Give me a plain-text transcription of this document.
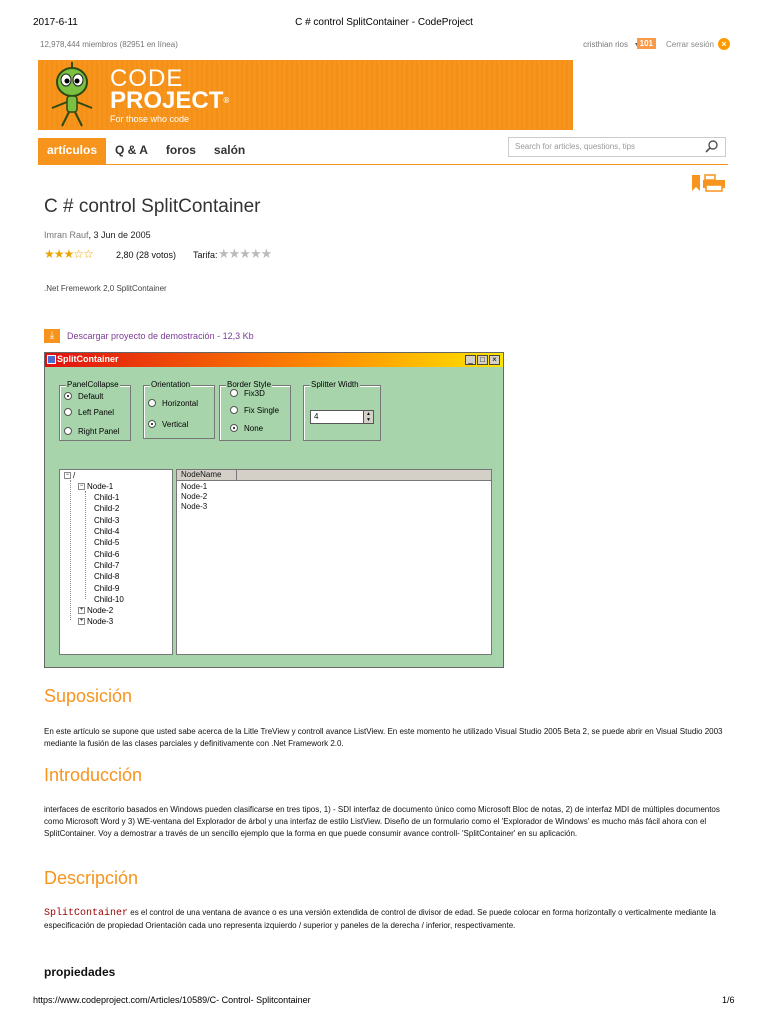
2017-6-11	C # control SplitContainer - CodeProject
12,978,444 miembros (82951 en línea)	cristhian rios	101	Cerrar sesión ×
CODE
PROJECT®
For those who code
artículos	Q & A	foros	salón	Search for articles, questions, tips
C # control SplitContainer
Imran Rauf, 3 Jun de 2005
★★★☆☆	2,80 (28 votos) Tarifa: ★★★★★
.Net Fremework 2,0 SplitContainer
⤓	Descargar proyecto de demostración - 12,3 Kb
SplitContainer	_ □ ×
PanelCollapse
Default
Left Panel
Right Panel
Orientation
Horizontal
Vertical
Border Style
Fix3D
Fix Single
None
Splitter Width
4	▲
▼
− /
− Node-1
Child-1
Child-2
Child-3
Child-4
Child-5
Child-6
Child-7
Child-8
Child-9
Child-10
+ Node-2
+ Node-3
NodeName
Node-1
Node-2
Node-3
Suposición
En este artículo se supone que usted sabe acerca de la Litle TreView y controll avance ListView. En este momento he utilizado Visual Studio 2005 Beta 2, se puede abrir en Visual Studio 2003 mediante la fusión de las clases parciales y definitivamente con .Net Framework 2.0.
Introducción
interfaces de escritorio basados en Windows pueden clasificarse en tres tipos, 1) - SDI interfaz de documento único como Microsoft Bloc de notas, 2) de interfaz MDI de múltiples documentos como Microsoft Word y 3) WE-ventana del Explorador de árbol y una interfaz de estilo ListView. Diseño de un formulario como el 'Explorador de Windows' es mucho más fácil ahora con el SplitContainer. Voy a demostrar a través de un sencillo ejemplo que la forma en que puede consumir avance controll- 'SplitContainer' en su aplicación.
Descripción
SplitContainer es el control de una ventana de avance o es una versión extendida de control de divisor de edad. Se puede colocar en forma horizontally o verticalmente mediante la especificación de propiedad Orientación cada uno representa izquierdo / superior y paneles de la derecha / inferior, respectivamente.
propiedades
https://www.codeproject.com/Articles/10589/C- Control- Splitcontainer	1/6
